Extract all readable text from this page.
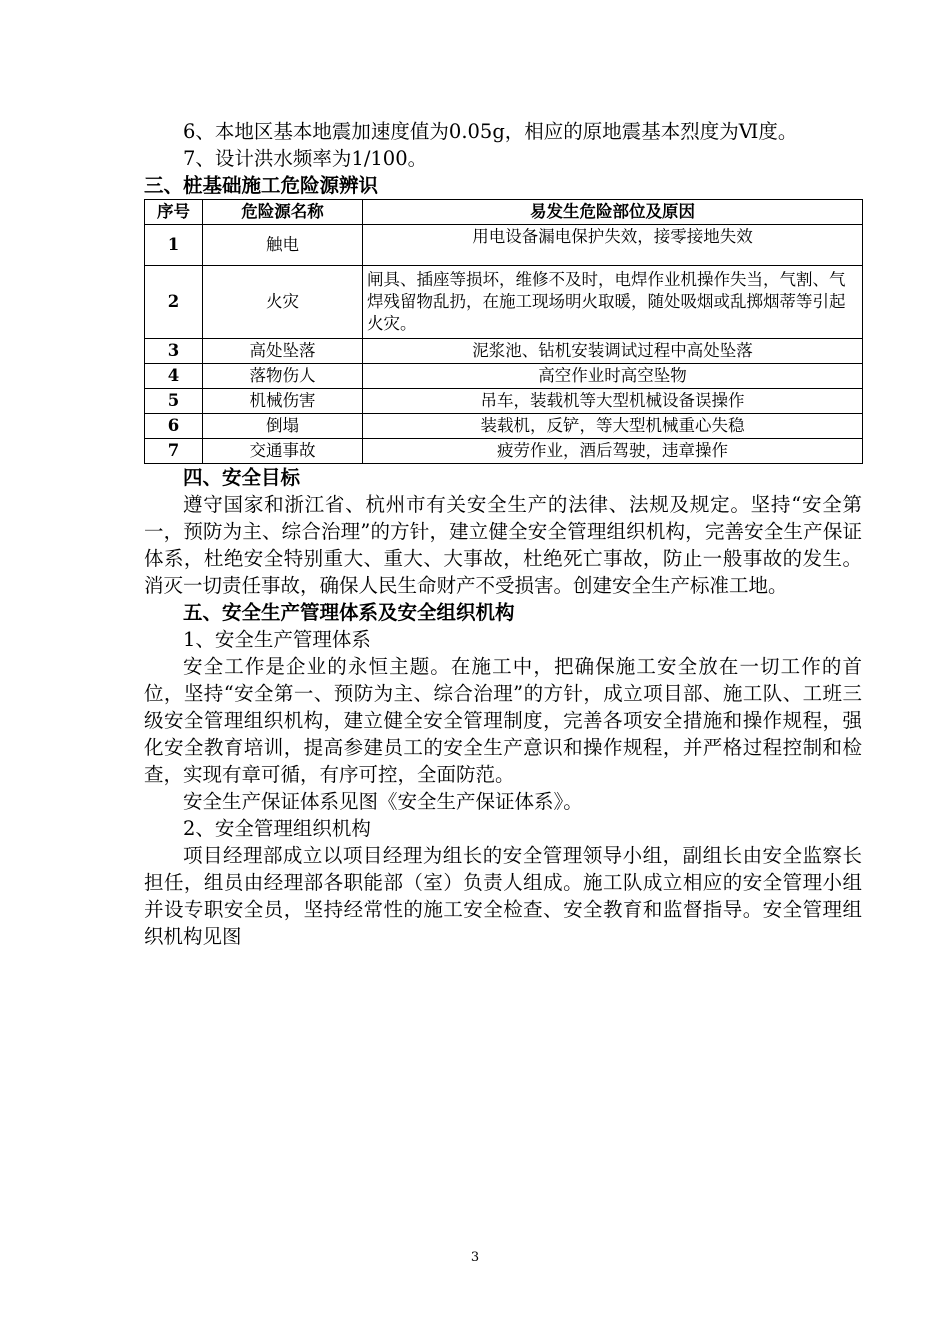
6、本地区基本地震加速度值为0.05g，相应的原地震基本烈度为Ⅵ度。

7、设计洪水频率为1/100。

三、桩基础施工危险源辨识

序号	危险源名称	易发生危险部位及原因
1	触电	用电设备漏电保护失效，接零接地失效
2	火灾	闸具、插座等损坏，维修不及时，电焊作业机操作失当，气割、气焊残留物乱扔，在施工现场明火取暖，随处吸烟或乱掷烟蒂等引起火灾。
3	高处坠落	泥浆池、钻机安装调试过程中高处坠落
4	落物伤人	高空作业时高空坠物
5	机械伤害	吊车，装载机等大型机械设备误操作
6	倒塌	装载机，反铲，等大型机械重心失稳
7	交通事故	疲劳作业，酒后驾驶，违章操作

四、安全目标

遵守国家和浙江省、杭州市有关安全生产的法律、法规及规定。坚持“安全第一，预防为主、综合治理”的方针，建立健全安全管理组织机构，完善安全生产保证体系，杜绝安全特别重大、重大、大事故，杜绝死亡事故，防止一般事故的发生。消灭一切责任事故，确保人民生命财产不受损害。创建安全生产标准工地。

五、安全生产管理体系及安全组织机构

1、安全生产管理体系

安全工作是企业的永恒主题。在施工中，把确保施工安全放在一切工作的首位，坚持“安全第一、预防为主、综合治理”的方针，成立项目部、施工队、工班三级安全管理组织机构，建立健全安全管理制度，完善各项安全措施和操作规程，强化安全教育培训，提高参建员工的安全生产意识和操作规程，并严格过程控制和检查，实现有章可循，有序可控，全面防范。

安全生产保证体系见图《安全生产保证体系》。

2、安全管理组织机构

项目经理部成立以项目经理为组长的安全管理领导小组，副组长由安全监察长担任，组员由经理部各职能部（室）负责人组成。施工队成立相应的安全管理小组并设专职安全员，坚持经常性的施工安全检查、安全教育和监督指导。安全管理组织机构见图

3
